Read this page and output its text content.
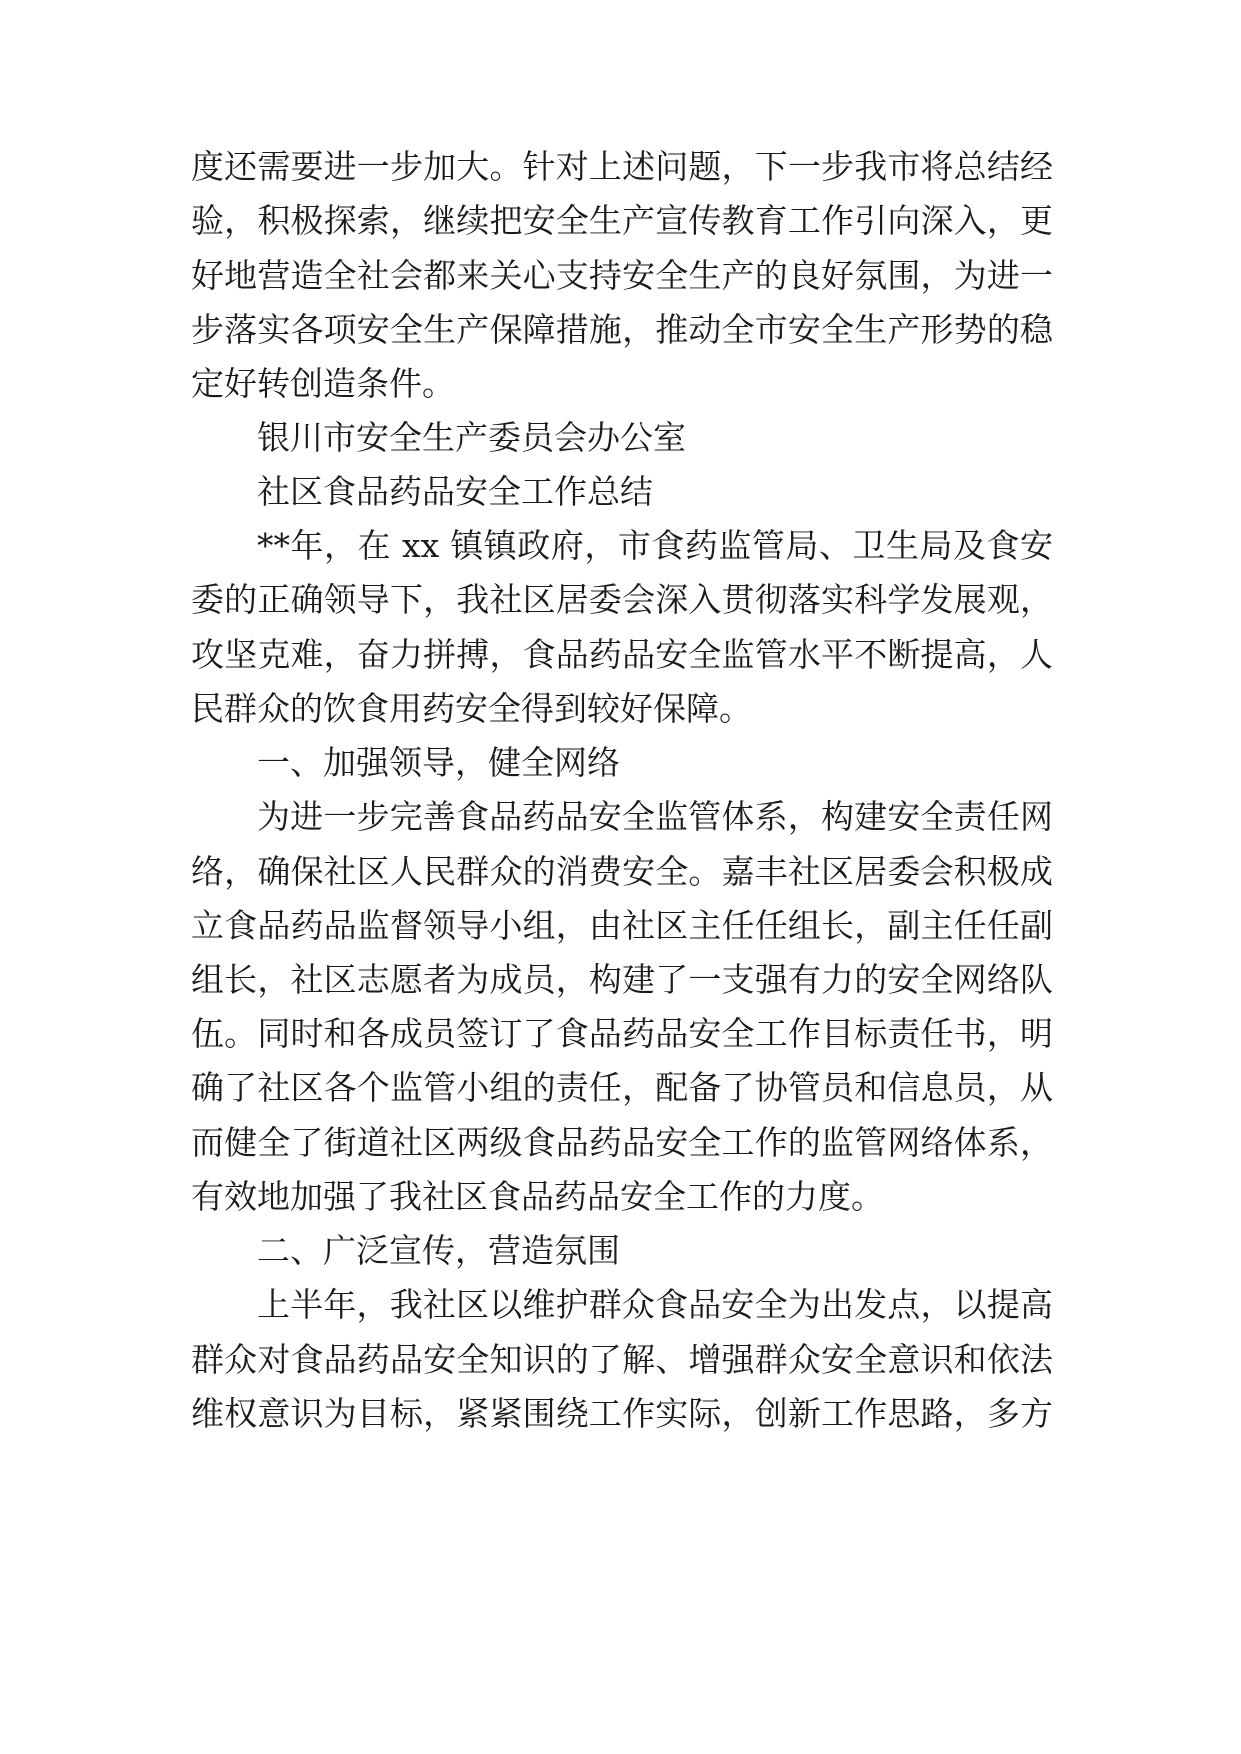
度还需要进一步加大。针对上述问题，下一步我市将总结经

验，积极探索，继续把安全生产宣传教育工作引向深入，更

好地营造全社会都来关心支持安全生产的良好氛围，为进一

步落实各项安全生产保障措施，推动全市安全生产形势的稳

定好转创造条件。

银川市安全生产委员会办公室

社区食品药品安全工作总结

**年，在 xx 镇镇政府，市食药监管局、卫生局及食安

委的正确领导下，我社区居委会深入贯彻落实科学发展观，

攻坚克难，奋力拼搏，食品药品安全监管水平不断提高，人

民群众的饮食用药安全得到较好保障。

一、加强领导，健全网络

为进一步完善食品药品安全监管体系，构建安全责任网

络，确保社区人民群众的消费安全。嘉丰社区居委会积极成

立食品药品监督领导小组，由社区主任任组长，副主任任副

组长，社区志愿者为成员，构建了一支强有力的安全网络队

伍。同时和各成员签订了食品药品安全工作目标责任书，明

确了社区各个监管小组的责任，配备了协管员和信息员，从

而健全了街道社区两级食品药品安全工作的监管网络体系，

有效地加强了我社区食品药品安全工作的力度。

二、广泛宣传，营造氛围

上半年，我社区以维护群众食品安全为出发点，以提高

群众对食品药品安全知识的了解、增强群众安全意识和依法

维权意识为目标，紧紧围绕工作实际，创新工作思路，多方
